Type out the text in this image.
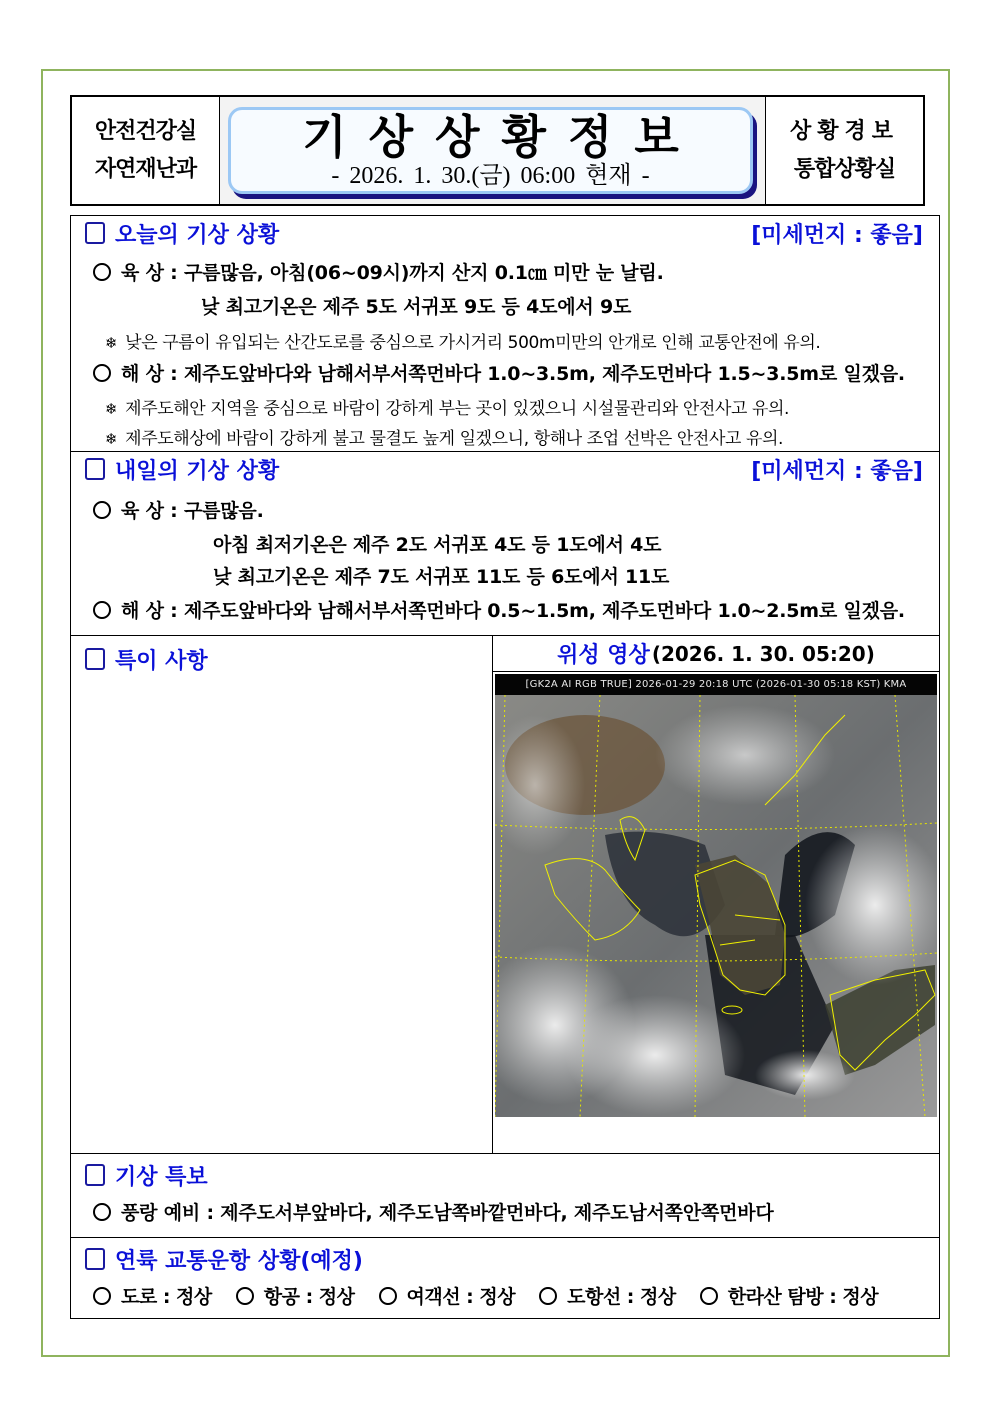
안전건강실
자연재난과
기상상황정보
- 2026. 1. 30.(금) 06:00 현재 -
상황경보
통합상황실
오늘의 기상 상황	[미세먼지 : 좋음]
육 상 : 구름많음, 아침(06~09시)까지 산지 0.1㎝ 미만 눈 날림.
낮 최고기온은 제주 5도 서귀포 9도 등 4도에서 9도
❄ 낮은 구름이 유입되는 산간도로를 중심으로 가시거리 500m미만의 안개로 인해 교통안전에 유의.
해 상 : 제주도앞바다와 남해서부서쪽먼바다 1.0~3.5m, 제주도먼바다 1.5~3.5m로 일겠음.
❄ 제주도해안 지역을 중심으로 바람이 강하게 부는 곳이 있겠으니 시설물관리와 안전사고 유의.
❄ 제주도해상에 바람이 강하게 불고 물결도 높게 일겠으니, 항해나 조업 선박은 안전사고 유의.
내일의 기상 상황	[미세먼지 : 좋음]
육 상 : 구름많음.
아침 최저기온은 제주 2도 서귀포 4도 등 1도에서 4도
낮 최고기온은 제주 7도 서귀포 11도 등 6도에서 11도
해 상 : 제주도앞바다와 남해서부서쪽먼바다 0.5~1.5m, 제주도먼바다 1.0~2.5m로 일겠음.
특이 사항	위성 영상 (2026. 1. 30. 05:20)
[GK2A AI RGB TRUE] 2026-01-29 20:18 UTC (2026-01-30 05:18 KST) KMA
기상 특보
풍랑 예비 : 제주도서부앞바다, 제주도남쪽바깥먼바다, 제주도남서쪽안쪽먼바다
연륙 교통운항 상황(예정)
도로 : 정상	항공 : 정상	여객선 : 정상	도항선 : 정상	한라산 탐방 : 정상
